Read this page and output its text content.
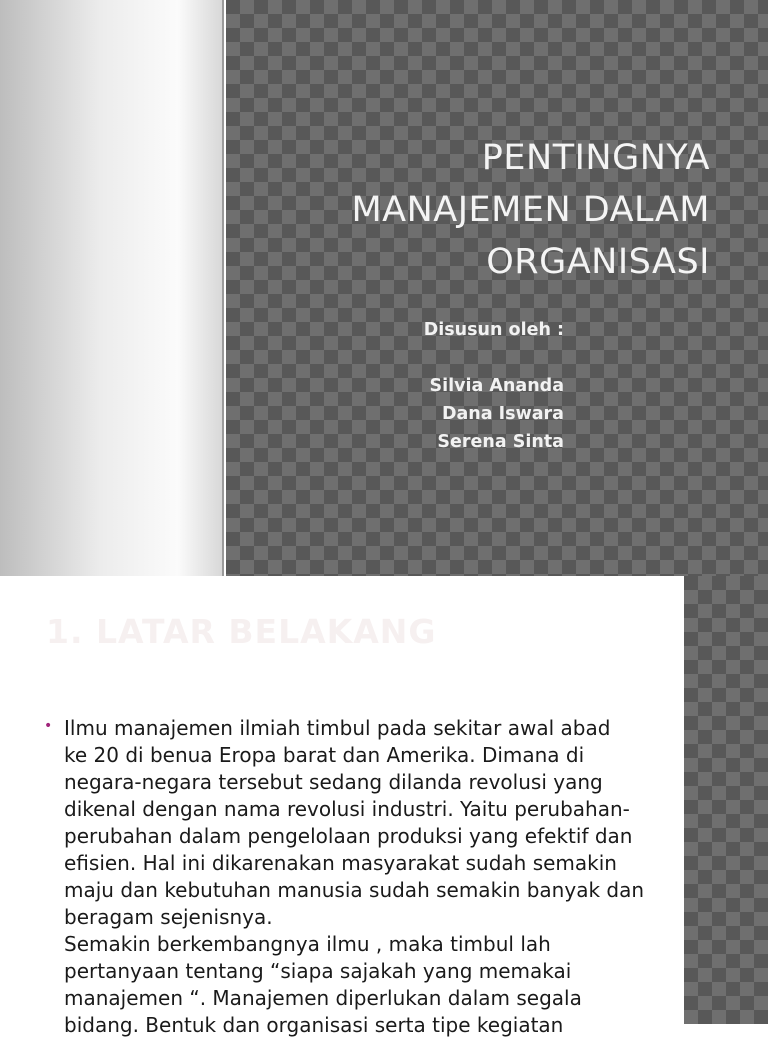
PENTINGNYA
MANAJEMEN DALAM
ORGANISASI
Disusun oleh :
Silvia Ananda
Dana Iswara
Serena Sinta
1. LATAR BELAKANG
• Ilmu manajemen ilmiah timbul pada sekitar awal abad
ke 20 di benua Eropa barat dan Amerika. Dimana di
negara-negara tersebut sedang dilanda revolusi yang
dikenal dengan nama revolusi industri. Yaitu perubahan-
perubahan dalam pengelolaan produksi yang efektif dan
efisien. Hal ini dikarenakan masyarakat sudah semakin
maju dan kebutuhan manusia sudah semakin banyak dan
beragam sejenisnya.
Semakin berkembangnya ilmu , maka timbul lah
pertanyaan tentang “siapa sajakah yang memakai
manajemen “. Manajemen diperlukan dalam segala
bidang. Bentuk dan organisasi serta tipe kegiatan
